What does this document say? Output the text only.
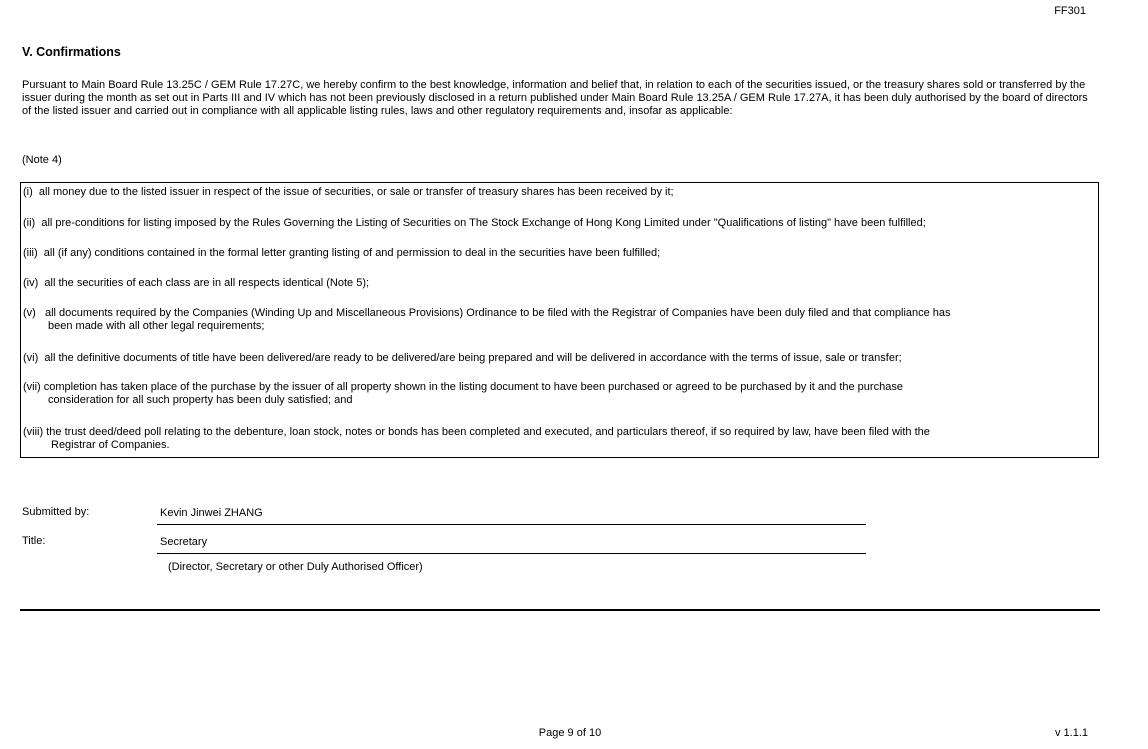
FF301
V. Confirmations
Pursuant to Main Board Rule 13.25C / GEM Rule 17.27C, we hereby confirm to the best knowledge, information and belief that, in relation to each of the securities issued, or the treasury shares sold or transferred by the issuer during the month as set out in Parts III and IV which has not been previously disclosed in a return published under Main Board Rule 13.25A / GEM Rule 17.27A, it has been duly authorised by the board of directors of the listed issuer and carried out in compliance with all applicable listing rules, laws and other regulatory requirements and, insofar as applicable:
(Note 4)
(i) all money due to the listed issuer in respect of the issue of securities, or sale or transfer of treasury shares has been received by it;
(ii) all pre-conditions for listing imposed by the Rules Governing the Listing of Securities on The Stock Exchange of Hong Kong Limited under "Qualifications of listing" have been fulfilled;
(iii) all (if any) conditions contained in the formal letter granting listing of and permission to deal in the securities have been fulfilled;
(iv) all the securities of each class are in all respects identical (Note 5);
(v) all documents required by the Companies (Winding Up and Miscellaneous Provisions) Ordinance to be filed with the Registrar of Companies have been duly filed and that compliance has
been made with all other legal requirements;
(vi) all the definitive documents of title have been delivered/are ready to be delivered/are being prepared and will be delivered in accordance with the terms of issue, sale or transfer;
(vii) completion has taken place of the purchase by the issuer of all property shown in the listing document to have been purchased or agreed to be purchased by it and the purchase
consideration for all such property has been duly satisfied; and
(viii) the trust deed/deed poll relating to the debenture, loan stock, notes or bonds has been completed and executed, and particulars thereof, if so required by law, have been filed with the
Registrar of Companies.
Submitted by:	Kevin Jinwei ZHANG
Title:	Secretary
(Director, Secretary or other Duly Authorised Officer)
Page 9 of 10	v 1.1.1
